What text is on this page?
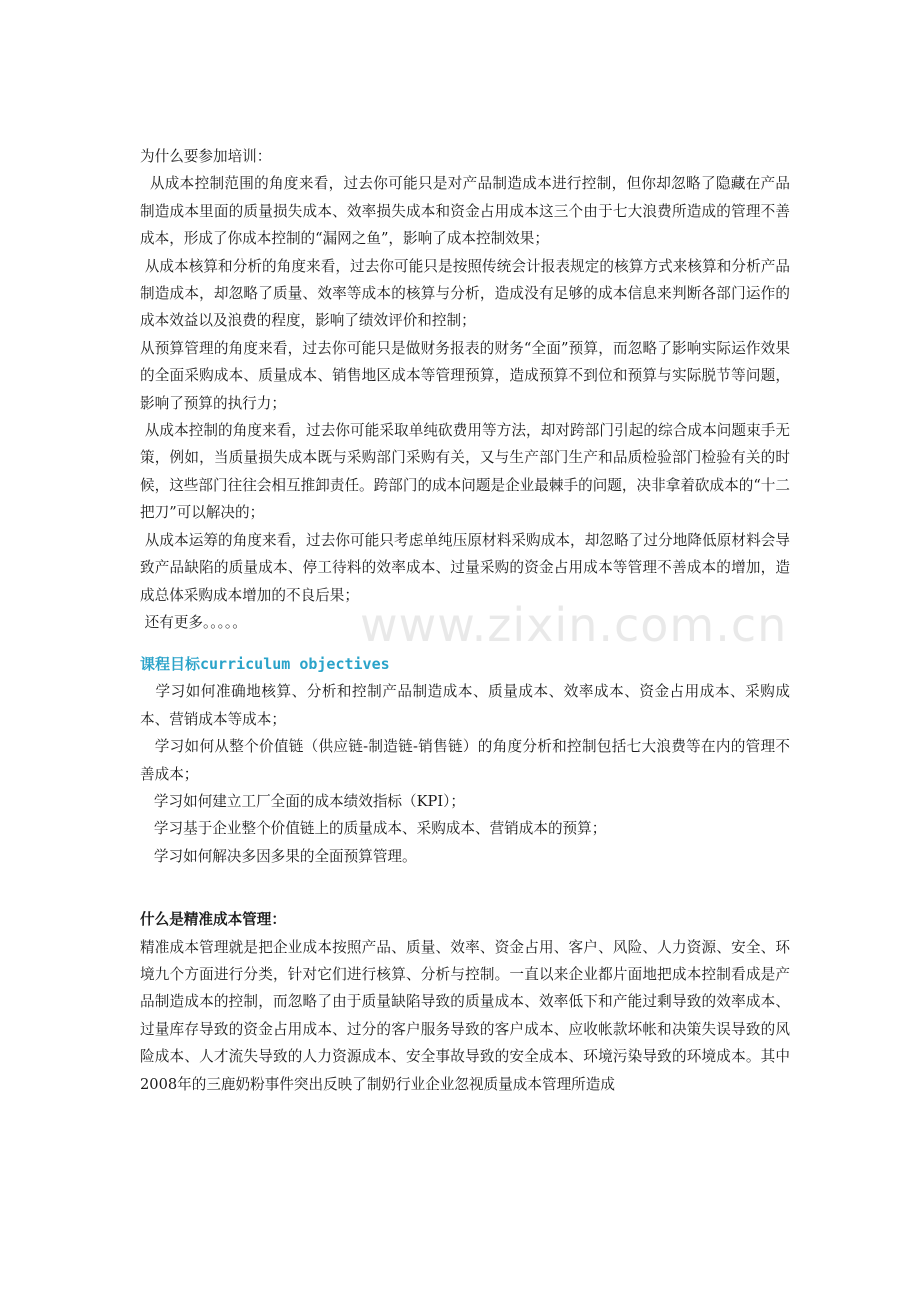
为什么要参加培训：

从成本控制范围的角度来看，过去你可能只是对产品制造成本进行控制，但你却忽略了隐藏在产品制造成本里面的质量损失成本、效率损失成本和资金占用成本这三个由于七大浪费所造成的管理不善成本，形成了你成本控制的“漏网之鱼”，影响了成本控制效果；

从成本核算和分析的角度来看，过去你可能只是按照传统会计报表规定的核算方式来核算和分析产品制造成本，却忽略了质量、效率等成本的核算与分析，造成没有足够的成本信息来判断各部门运作的成本效益以及浪费的程度，影响了绩效评价和控制；

从预算管理的角度来看，过去你可能只是做财务报表的财务“全面”预算，而忽略了影响实际运作效果的全面采购成本、质量成本、销售地区成本等管理预算，造成预算不到位和预算与实际脱节等问题，影响了预算的执行力；

从成本控制的角度来看，过去你可能采取单纯砍费用等方法，却对跨部门引起的综合成本问题束手无策，例如，当质量损失成本既与采购部门采购有关，又与生产部门生产和品质检验部门检验有关的时候，这些部门往往会相互推卸责任。跨部门的成本问题是企业最棘手的问题，决非拿着砍成本的“十二把刀”可以解决的；

从成本运筹的角度来看，过去你可能只考虑单纯压原材料采购成本，却忽略了过分地降低原材料会导致产品缺陷的质量成本、停工待料的效率成本、过量采购的资金占用成本等管理不善成本的增加，造成总体采购成本增加的不良后果；

还有更多。。。。。

课程目标curriculum objectives

学习如何准确地核算、分析和控制产品制造成本、质量成本、效率成本、资金占用成本、采购成本、营销成本等成本；

学习如何从整个价值链（供应链-制造链-销售链）的角度分析和控制包括七大浪费等在内的管理不善成本；

学习如何建立工厂全面的成本绩效指标（KPI）；

学习基于企业整个价值链上的质量成本、采购成本、营销成本的预算；

学习如何解决多因多果的全面预算管理。

什么是精准成本管理：

精准成本管理就是把企业成本按照产品、质量、效率、资金占用、客户、风险、人力资源、安全、环境九个方面进行分类，针对它们进行核算、分析与控制。一直以来企业都片面地把成本控制看成是产品制造成本的控制，而忽略了由于质量缺陷导致的质量成本、效率低下和产能过剩导致的效率成本、过量库存导致的资金占用成本、过分的客户服务导致的客户成本、应收帐款坏帐和决策失误导致的风险成本、人才流失导致的人力资源成本、安全事故导致的安全成本、环境污染导致的环境成本。其中2008年的三鹿奶粉事件突出反映了制奶行业企业忽视质量成本管理所造成

www.zixin.com.cn
